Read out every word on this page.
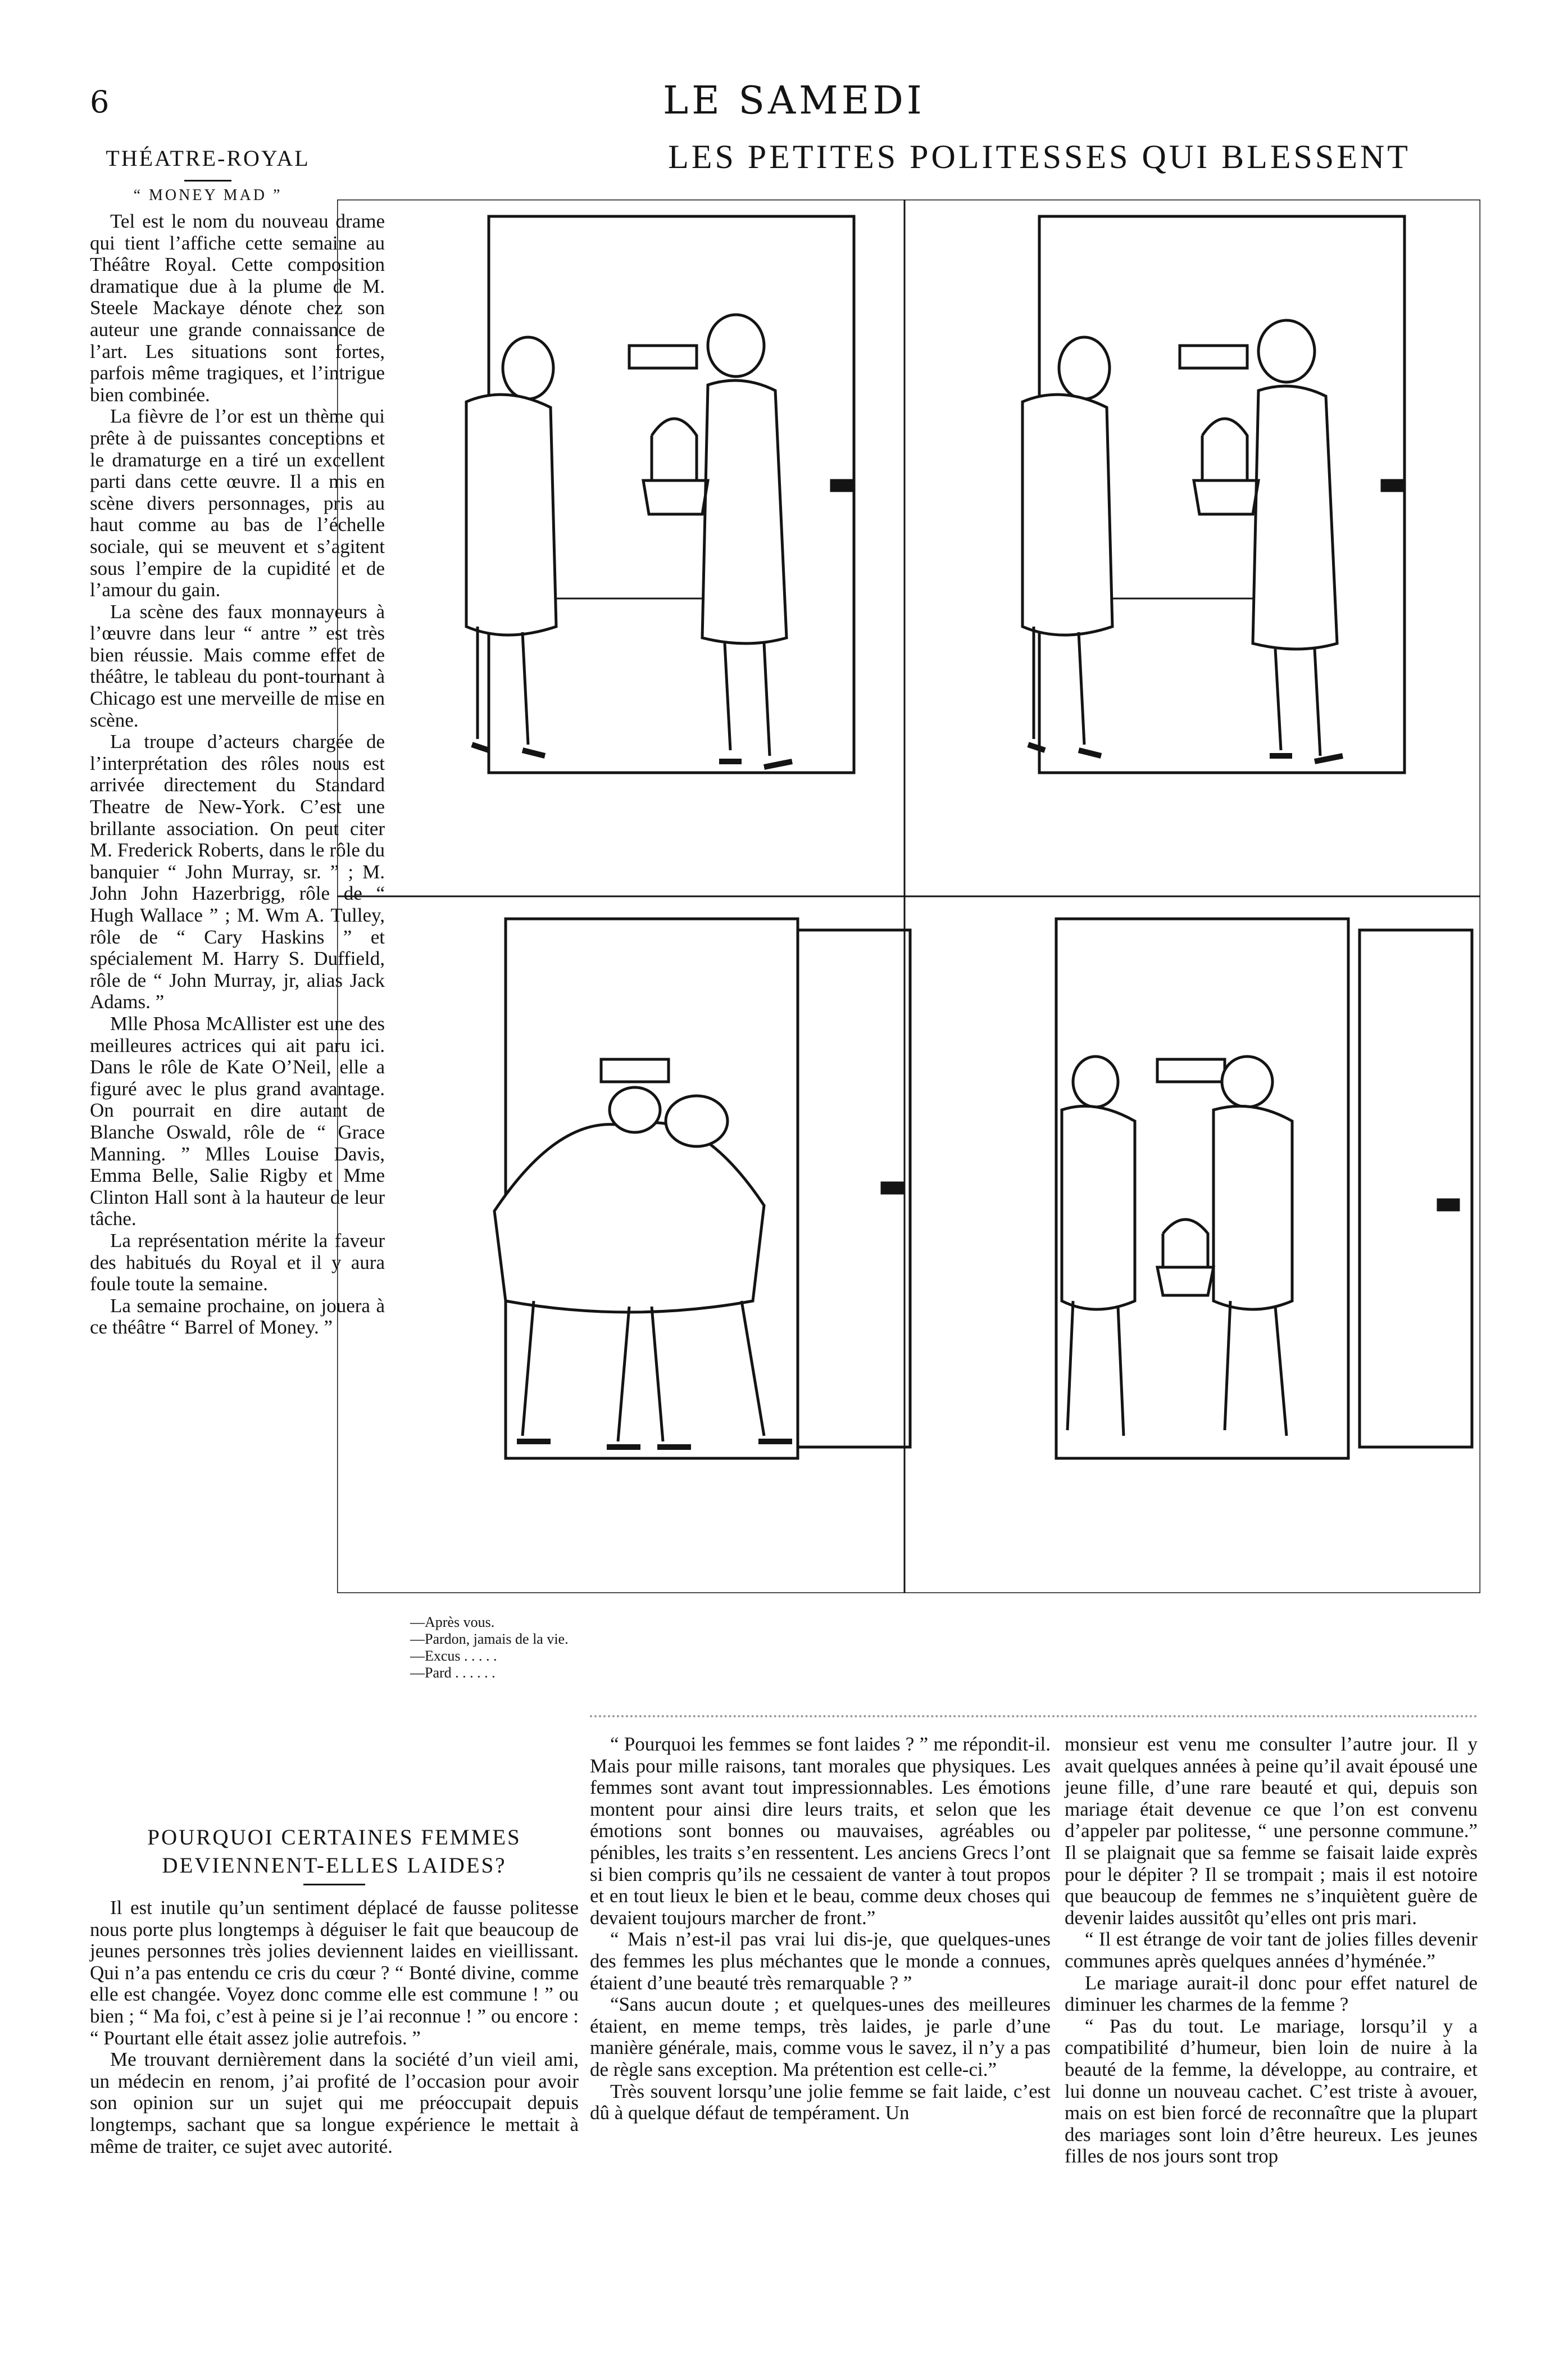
6	LE SAMEDI
LES PETITES POLITESSES QUI BLESSENT
THÉATRE-ROYAL
“ MONEY MAD ”

Tel est le nom du nouveau drame qui tient l’affiche cette semaine au Théâtre Royal. Cette composition dramatique due à la plume de M. Steele Mackaye dénote chez son auteur une grande connaissance de l’art. Les situations sont fortes, parfois même tragiques, et l’intrigue bien combinée.

La fièvre de l’or est un thème qui prête à de puissantes conceptions et le dramaturge en a tiré un excellent parti dans cette œuvre. Il a mis en scène divers personnages, pris au haut comme au bas de l’échelle sociale, qui se meuvent et s’agitent sous l’empire de la cupidité et de l’amour du gain.

La scène des faux monnayeurs à l’œuvre dans leur “ antre ” est très bien réussie. Mais comme effet de théâtre, le tableau du pont-tournant à Chicago est une merveille de mise en scène.

La troupe d’acteurs chargée de l’interprétation des rôles nous est arrivée directement du Standard Theatre de New-York. C’est une brillante association. On peut citer M. Frederick Roberts, dans le rôle du banquier “ John Murray, sr. ” ; M. John John Hazerbrigg, rôle de “ Hugh Wallace ” ; M. Wm A. Tulley, rôle de “ Cary Haskins ” et spécialement M. Harry S. Duffield, rôle de “ John Murray, jr, alias Jack Adams. ”

Mlle Phosa McAllister est une des meilleures actrices qui ait paru ici. Dans le rôle de Kate O’Neil, elle a figuré avec le plus grand avantage. On pourrait en dire autant de Blanche Oswald, rôle de “ Grace Manning. ” Mlles Louise Davis, Emma Belle, Salie Rigby et Mme Clinton Hall sont à la hauteur de leur tâche.

La représentation mérite la faveur des habitués du Royal et il y aura foule toute la semaine.

La semaine prochaine, on jouera à ce théâtre “ Barrel of Money. ”

—Après vous.
—Pardon, jamais de la vie.
—Excus . . . . .
—Pard . . . . . .
POURQUOI CERTAINES FEMMES DEVIENNENT-ELLES LAIDES?

Il est inutile qu’un sentiment déplacé de fausse politesse nous porte plus longtemps à déguiser le fait que beaucoup de jeunes personnes très jolies deviennent laides en vieillissant. Qui n’a pas entendu ce cris du cœur ? “ Bonté divine, comme elle est changée. Voyez donc comme elle est commune ! ” ou bien ; “ Ma foi, c’est à peine si je l’ai reconnue ! ” ou encore : “ Pourtant elle était assez jolie autrefois. ”

Me trouvant dernièrement dans la société d’un vieil ami, un médecin en renom, j’ai profité de l’occasion pour avoir son opinion sur un sujet qui me préoccupait depuis longtemps, sachant que sa longue expérience le mettait à même de traiter, ce sujet avec autorité.

“ Pourquoi les femmes se font laides ? ” me répondit-il. Mais pour mille raisons, tant morales que physiques. Les femmes sont avant tout impressionnables. Les émotions montent pour ainsi dire leurs traits, et selon que les émotions sont bonnes ou mauvaises, agréables ou pénibles, les traits s’en ressentent. Les anciens Grecs l’ont si bien compris qu’ils ne cessaient de vanter à tout propos et en tout lieux le bien et le beau, comme deux choses qui devaient toujours marcher de front.”

“ Mais n’est-il pas vrai lui dis-je, que quelques-unes des femmes les plus méchantes que le monde a connues, étaient d’une beauté très remarquable ? ”

“Sans aucun doute ; et quelques-unes des meilleures étaient, en meme temps, très laides, je parle d’une manière générale, mais, comme vous le savez, il n’y a pas de règle sans exception. Ma prétention est celle-ci.”

Très souvent lorsqu’une jolie femme se fait laide, c’est dû à quelque défaut de tempérament. Un

monsieur est venu me consulter l’autre jour. Il y avait quelques années à peine qu’il avait épousé une jeune fille, d’une rare beauté et qui, depuis son mariage était devenue ce que l’on est convenu d’appeler par politesse, “ une personne commune.” Il se plaignait que sa femme se faisait laide exprès pour le dépiter ? Il se trompait ; mais il est notoire que beaucoup de femmes ne s’inquiètent guère de devenir laides aussitôt qu’elles ont pris mari.

“ Il est étrange de voir tant de jolies filles devenir communes après quelques années d’hyménée.”

Le mariage aurait-il donc pour effet naturel de diminuer les charmes de la femme ?

“ Pas du tout. Le mariage, lorsqu’il y a compatibilité d’humeur, bien loin de nuire à la beauté de la femme, la développe, au contraire, et lui donne un nouveau cachet. C’est triste à avouer, mais on est bien forcé de reconnaître que la plupart des mariages sont loin d’être heureux. Les jeunes filles de nos jours sont trop
